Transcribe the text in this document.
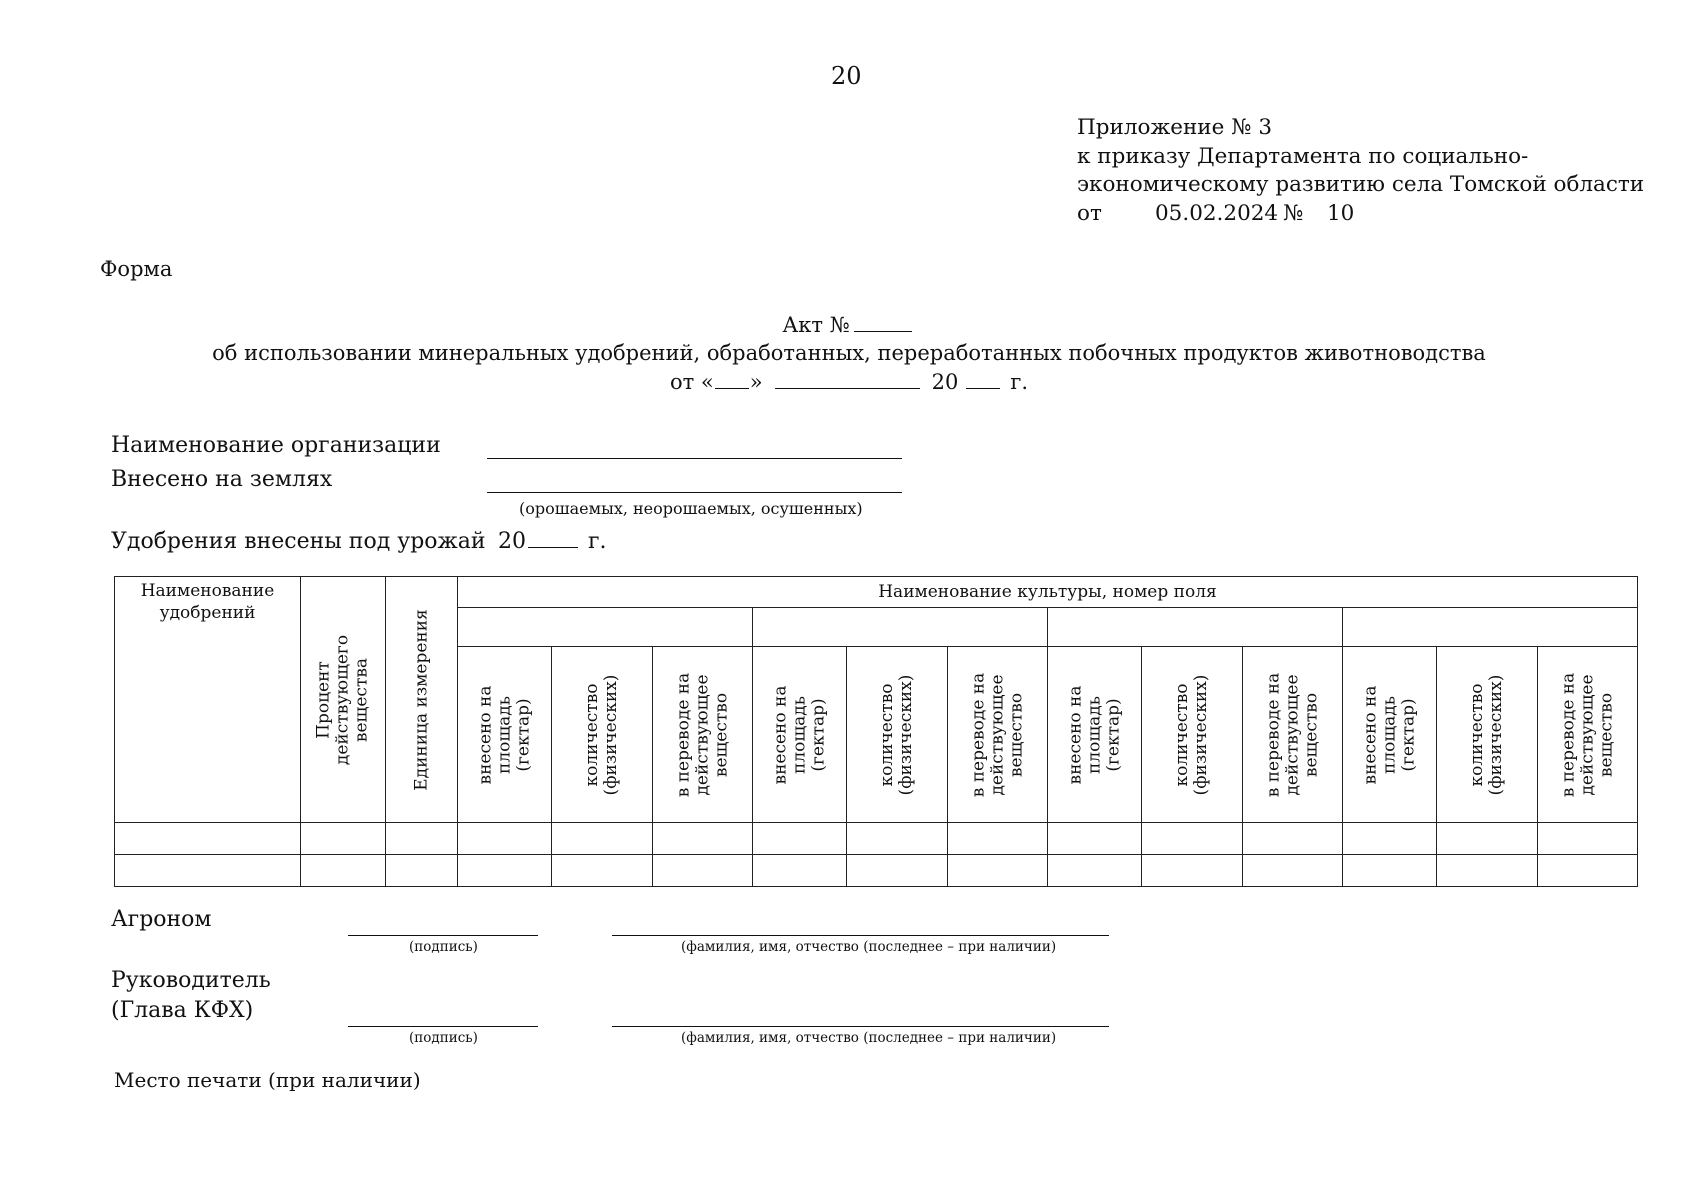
20
Приложение № 3
к приказу Департамента по социально-
экономическому развитию села Томской области
от 05.02.2024 № 10
Форма
Акт №
об использовании минеральных удобрений, обработанных, переработанных побочных продуктов животноводства
от « »	20 г.
Наименование организации
Внесено на землях
(орошаемых, неорошаемых, осушенных)
Удобрения внесены под урожай 20	г.
Наименование удобрений	Процент действующего вещества	Единица измерения	Наименование культуры, номер поля											

			внесено на площадь (гектар)	количество (физических)	в переводе на действующее вещество	внесено на площадь (гектар)	количество (физических)	в переводе на действующее вещество	внесено на площадь (гектар)	количество (физических)	в переводе на действующее вещество	внесено на площадь (гектар)	количество (физических)	в переводе на действующее вещество

Агроном
(подпись)	(фамилия, имя, отчество (последнее – при наличии)
Руководитель
(Глава КФХ)
(подпись)	(фамилия, имя, отчество (последнее – при наличии)
Место печати (при наличии)
